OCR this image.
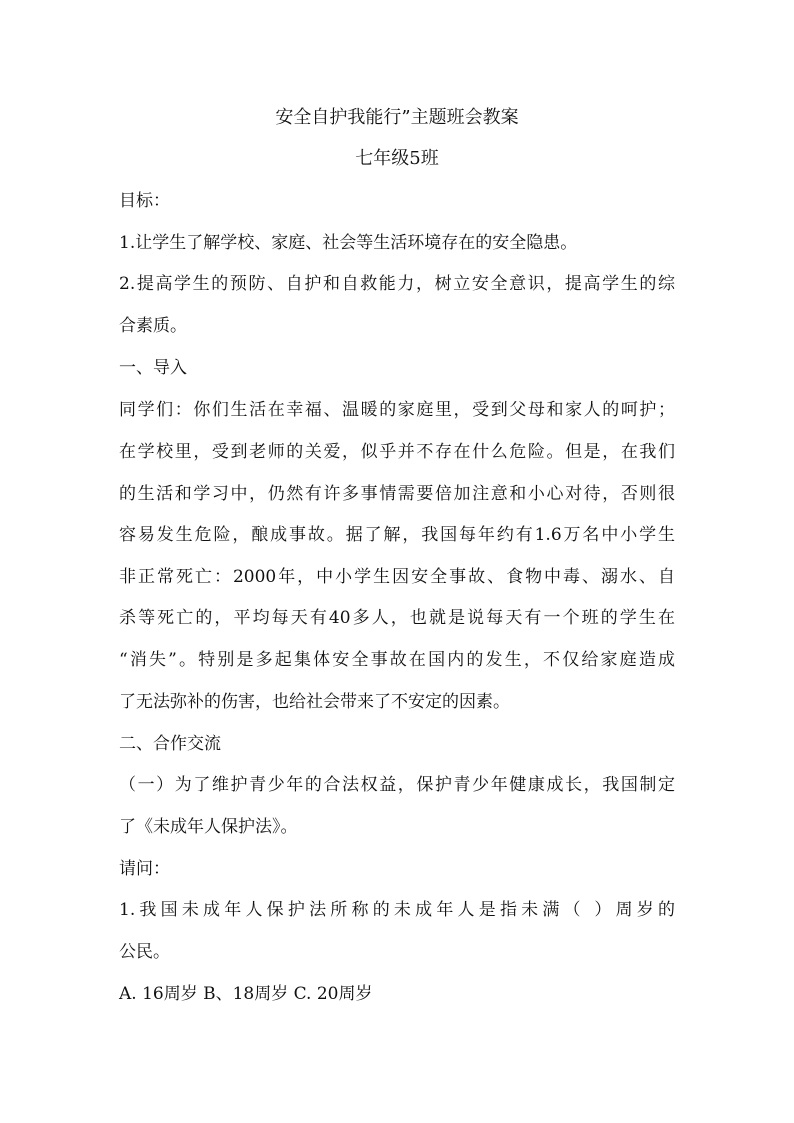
安全自护我能行”主题班会教案
七年级5班
目标：
1.让学生了解学校、家庭、社会等生活环境存在的安全隐患。
2.提高学生的预防、自护和自救能力，树立安全意识，提高学生的综
合素质。
一、导入
同学们：你们生活在幸福、温暖的家庭里，受到父母和家人的呵护；
在学校里，受到老师的关爱，似乎并不存在什么危险。但是，在我们
的生活和学习中，仍然有许多事情需要倍加注意和小心对待，否则很
容易发生危险，酿成事故。据了解，我国每年约有1.6万名中小学生
非正常死亡：2000年，中小学生因安全事故、食物中毒、溺水、自
杀等死亡的，平均每天有40多人，也就是说每天有一个班的学生在
“消失”。特别是多起集体安全事故在国内的发生，不仅给家庭造成
了无法弥补的伤害，也给社会带来了不安定的因素。
二、合作交流
（一）为了维护青少年的合法权益，保护青少年健康成长，我国制定
了《未成年人保护法》。
请问：
1.我国未成年人保护法所称的未成年人是指未满（ ）周岁的
公民。
A. 16周岁 B、18周岁 C. 20周岁
